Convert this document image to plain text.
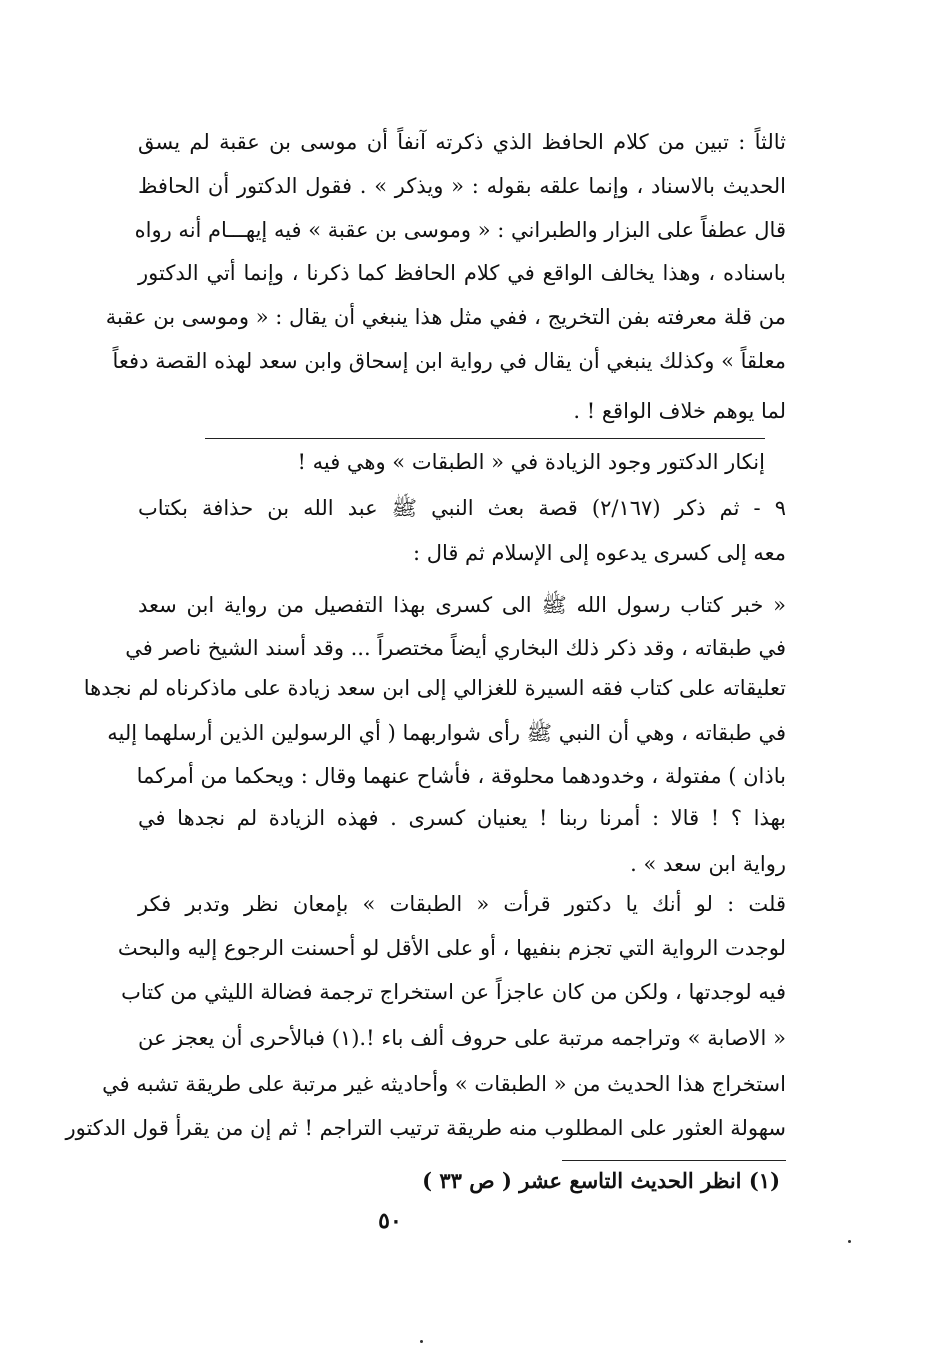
ثالثاً : تبين من كلام الحافظ الذي ذكرته آنفاً أن موسى بن عقبة لم يسق
الحديث بالاسناد ، وإنما علقه بقوله : « ويذكر » . فقول الدكتور أن الحافظ
قال عطفاً على البزار والطبراني : « وموسى بن عقبة » فيه إيهـــام أنه رواه
باسناده ، وهذا يخالف الواقع في كلام الحافظ كما ذكرنا ، وإنما أتي الدكتور
من قلة معرفته بفن التخريج ، ففي مثل هذا ينبغي أن يقال : « وموسى بن عقبة
معلقاً » وكذلك ينبغي أن يقال في رواية ابن إسحاق وابن سعد لهذه القصة دفعاً
لما يوهم خلاف الواقع ! .
إنكار الدكتور وجود الزيادة في « الطبقات » وهي فيه !
٩ - ثم ذكر (٢/١٦٧) قصة بعث النبي ﷺ عبد الله بن حذافة بكتاب
معه إلى كسرى يدعوه إلى الإسلام ثم قال :
« خبر كتاب رسول الله ﷺ الى كسرى بهذا التفصيل من رواية ابن سعد
في طبقاته ، وقد ذكر ذلك البخاري أيضاً مختصراً ... وقد أسند الشيخ ناصر في
تعليقاته على كتاب فقه السيرة للغزالي إلى ابن سعد زيادة على ماذكرناه لم نجدها
في طبقاته ، وهي أن النبي ﷺ رأى شواربهما ( أي الرسولين الذين أرسلهما إليه
باذان ) مفتولة ، وخدودهما محلوقة ، فأشاح عنهما وقال : ويحكما من أمركما
بهذا ؟ ! قالا : أمرنا ربنا ! يعنيان كسرى . فهذه الزيادة لم نجدها في
رواية ابن سعد » .
قلت : لو أنك يا دكتور قرأت « الطبقات » بإمعان نظر وتدبر فكر
لوجدت الرواية التي تجزم بنفيها ، أو على الأقل لو أحسنت الرجوع إليه والبحث
فيه لوجدتها ، ولكن من كان عاجزاً عن استخراج ترجمة فضالة الليثي من كتاب
« الاصابة » وتراجمه مرتبة على حروف ألف باء !.(١) فبالأحرى أن يعجز عن
استخراج هذا الحديث من « الطبقات » وأحاديثه غير مرتبة على طريقة تشبه في
سهولة العثور على المطلوب منه طريقة ترتيب التراجم ! ثم إن من يقرأ قول الدكتور
(١) انظر الحديث التاسع عشر ( ص ٣٣ )
٥٠
